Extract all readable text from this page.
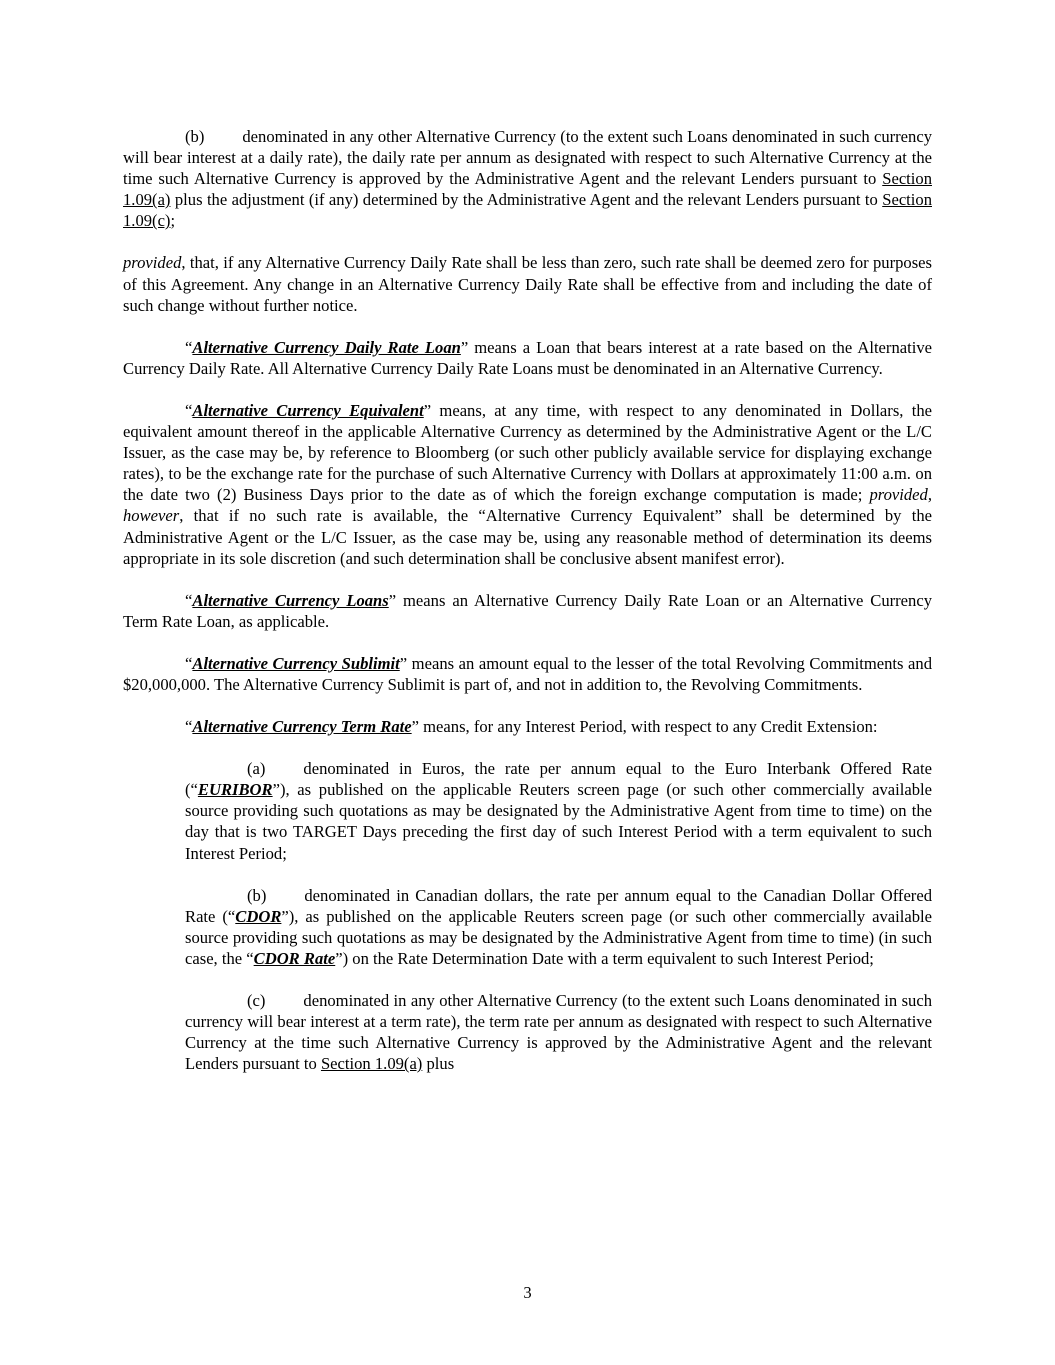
(b) denominated in any other Alternative Currency (to the extent such Loans denominated in such currency will bear interest at a daily rate), the daily rate per annum as designated with respect to such Alternative Currency at the time such Alternative Currency is approved by the Administrative Agent and the relevant Lenders pursuant to Section 1.09(a) plus the adjustment (if any) determined by the Administrative Agent and the relevant Lenders pursuant to Section 1.09(c);

provided, that, if any Alternative Currency Daily Rate shall be less than zero, such rate shall be deemed zero for purposes of this Agreement. Any change in an Alternative Currency Daily Rate shall be effective from and including the date of such change without further notice.

“Alternative Currency Daily Rate Loan” means a Loan that bears interest at a rate based on the Alternative Currency Daily Rate. All Alternative Currency Daily Rate Loans must be denominated in an Alternative Currency.

“Alternative Currency Equivalent” means, at any time, with respect to any denominated in Dollars, the equivalent amount thereof in the applicable Alternative Currency as determined by the Administrative Agent or the L/C Issuer, as the case may be, by reference to Bloomberg (or such other publicly available service for displaying exchange rates), to be the exchange rate for the purchase of such Alternative Currency with Dollars at approximately 11:00 a.m. on the date two (2) Business Days prior to the date as of which the foreign exchange computation is made; provided, however, that if no such rate is available, the “Alternative Currency Equivalent” shall be determined by the Administrative Agent or the L/C Issuer, as the case may be, using any reasonable method of determination its deems appropriate in its sole discretion (and such determination shall be conclusive absent manifest error).

“Alternative Currency Loans” means an Alternative Currency Daily Rate Loan or an Alternative Currency Term Rate Loan, as applicable.

“Alternative Currency Sublimit” means an amount equal to the lesser of the total Revolving Commitments and $20,000,000. The Alternative Currency Sublimit is part of, and not in addition to, the Revolving Commitments.

“Alternative Currency Term Rate” means, for any Interest Period, with respect to any Credit Extension:

(a) denominated in Euros, the rate per annum equal to the Euro Interbank Offered Rate (“EURIBOR”), as published on the applicable Reuters screen page (or such other commercially available source providing such quotations as may be designated by the Administrative Agent from time to time) on the day that is two TARGET Days preceding the first day of such Interest Period with a term equivalent to such Interest Period;

(b) denominated in Canadian dollars, the rate per annum equal to the Canadian Dollar Offered Rate (“CDOR”), as published on the applicable Reuters screen page (or such other commercially available source providing such quotations as may be designated by the Administrative Agent from time to time) (in such case, the “CDOR Rate”) on the Rate Determination Date with a term equivalent to such Interest Period;

(c) denominated in any other Alternative Currency (to the extent such Loans denominated in such currency will bear interest at a term rate), the term rate per annum as designated with respect to such Alternative Currency at the time such Alternative Currency is approved by the Administrative Agent and the relevant Lenders pursuant to Section 1.09(a) plus

3
